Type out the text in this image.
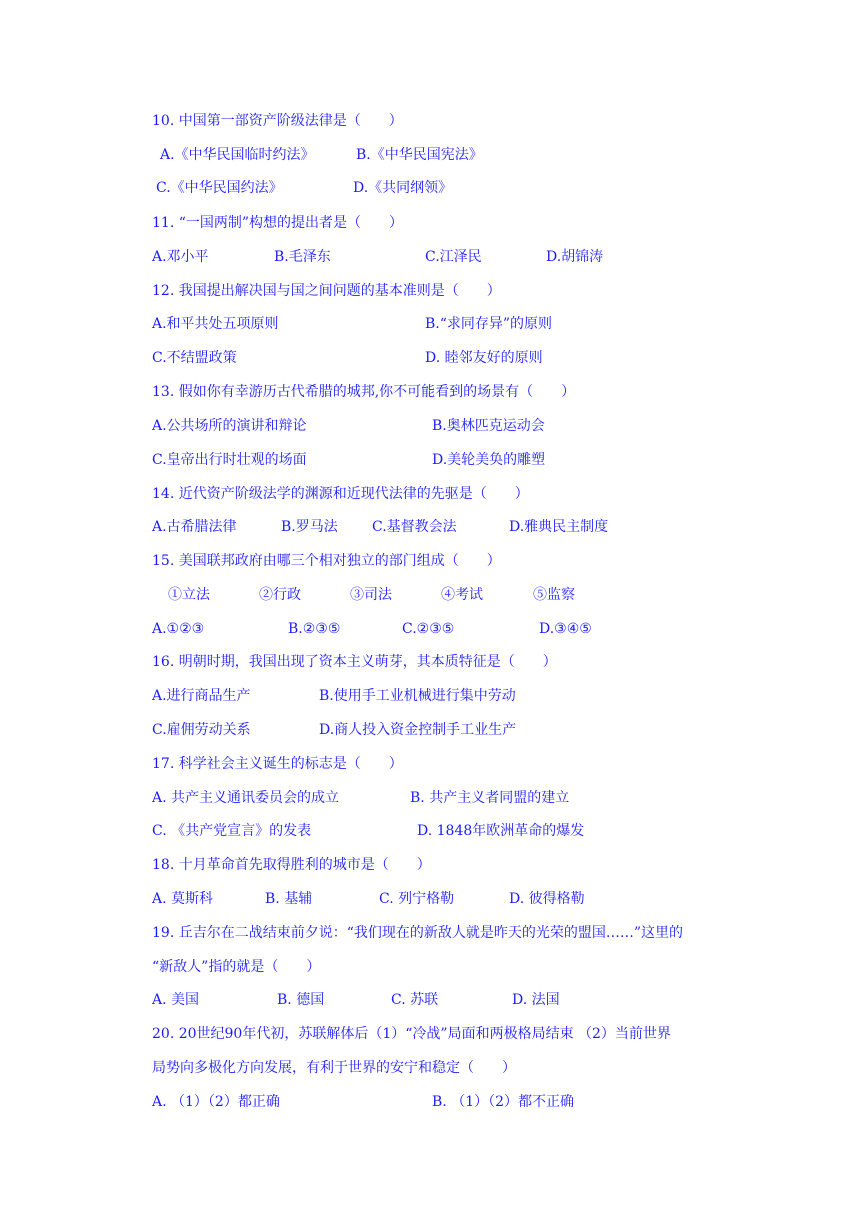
10. 中国第一部资产阶级法律是（　　）
A.《中华民国临时约法》	B.《中华民国宪法》
C.《中华民国约法》	D.《共同纲领》
11. “一国两制”构想的提出者是（　　）
A.邓小平	B.毛泽东	C.江泽民	D.胡锦涛
12. 我国提出解决国与国之间问题的基本准则是（　　）
A.和平共处五项原则	B.“求同存异”的原则
C.不结盟政策	D. 睦邻友好的原则
13. 假如你有幸游历古代希腊的城邦,你不可能看到的场景有（　　）
A.公共场所的演讲和辩论	B.奥林匹克运动会
C.皇帝出行时壮观的场面	D.美轮美奂的雕塑
14. 近代资产阶级法学的渊源和近现代法律的先驱是（　　）
A.古希腊法律	B.罗马法 C.基督教会法	D.雅典民主制度
15. 美国联邦政府由哪三个相对独立的部门组成（　　）
①立法	②行政	③司法	④考试	⑤监察
A.①②③	B.②③⑤	C.②③⑤	D.③④⑤
16. 明朝时期，我国出现了资本主义萌芽，其本质特征是（　　）
A.进行商品生产	B.使用手工业机械进行集中劳动
C.雇佣劳动关系	D.商人投入资金控制手工业生产
17. 科学社会主义诞生的标志是（　　）
A. 共产主义通讯委员会的成立	B. 共产主义者同盟的建立
C. 《共产党宣言》的发表	D. 1848年欧洲革命的爆发
18. 十月革命首先取得胜利的城市是（　　）
A. 莫斯科	B. 基辅	C. 列宁格勒	D. 彼得格勒
19. 丘吉尔在二战结束前夕说：“我们现在的新敌人就是昨天的光荣的盟国……”这里的
“新敌人”指的就是（　　）
A. 美国	B. 德国	C. 苏联	D. 法国
20. 20世纪90年代初，苏联解体后（1）“冷战”局面和两极格局结束 （2）当前世界
局势向多极化方向发展，有利于世界的安宁和稳定（　　）
A. （1）（2）都正确	B. （1）（2）都不正确
